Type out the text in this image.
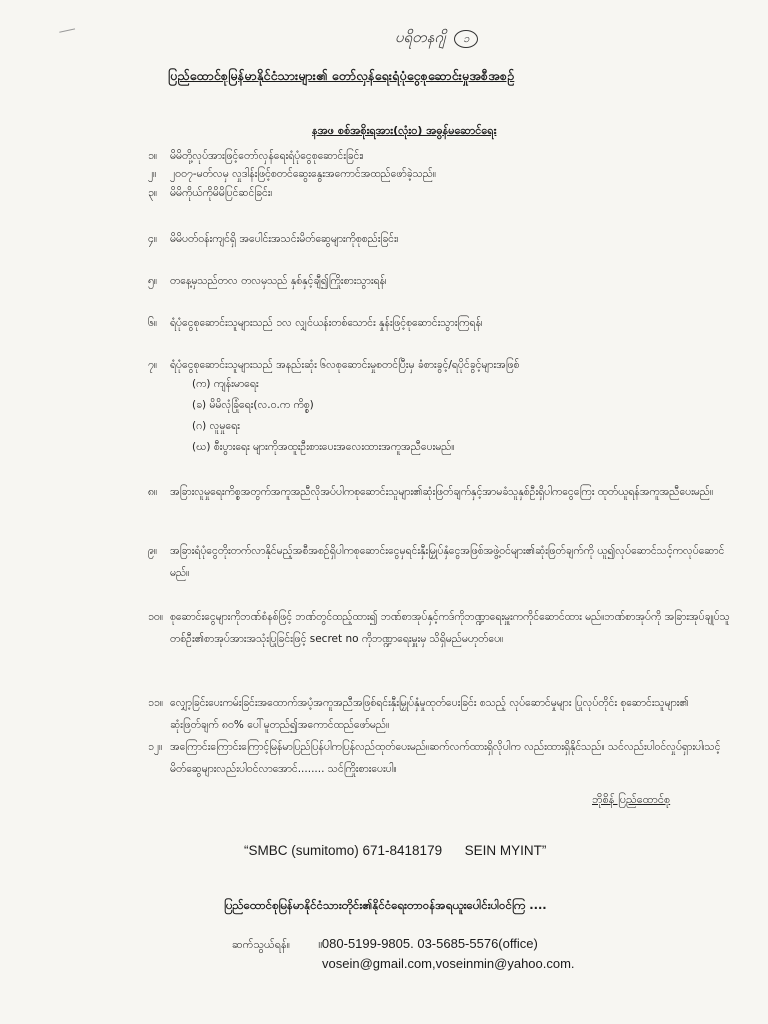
ပရိတနဂျိ ၁
ပြည်ထောင်စုမြန်မာနိုင်ငံသားများ၏ တော်လှန်ရေးရံပုံငွေစုဆောင်းမှုအစီအစဉ်
နအဖ စစ်အစိုးရအား(လုံး၀) အဓွန်မဆောင်ရေး
၁။ မိမိတို့လုပ်အားဖြင့်တော်လှန်ရေးရံပုံငွေစုဆောင်းခြင်း၊
၂။ ၂၀၀၇-မတ်လမှ လှုဒါန်းဖြင့်စတင်ဆွေးနွေးအကောင်အထည်ဖော်ခဲ့သည်။
၃။ မိမိကိုယ်ကိုမိမိပြင်ဆင်ခြင်း၊
၄။ မိမိပတ်ဝန်းကျင်ရှိ အပေါင်းအသင်းမိတ်ဆွေများကိုစုစည်းခြင်း၊
၅။ တနေ့မှသည်တလ တလမှသည် နှစ်နှင့်ချီ၍ကြိုးစားသွားရန်၊
၆။ ရံပုံငွေစုဆောင်းသူများသည် ၁လ လျှင်ယန်းတစ်သောင်း နှုန်းဖြင့်စုဆောင်းသွားကြရန်၊
၇။ ရံပုံငွေစုဆောင်းသူများသည် အနည်းဆုံး ၆လစုဆောင်းမှုစတင်ပြီးမှ ခံစားခွင့်/ရပိုင်ခွင့်များအဖြစ်
(က) ကျန်းမာရေး
(ခ) မိမိလုံခြုံရေး(လ.၀.က ကိစ္စ)
(ဂ) လူမှုရေး
(ဃ) စီးပွားရေး များကိုအထူးဦးစားပေးအလေးထားအကူအညီပေးမည်။
၈။	အခြားလူမှုရေးကိစ္စအတွက်အကူအညီလိုအပ်ပါကစုဆောင်းသူများ၏ဆုံးဖြတ်ချက်နှင့်အာမခံသူနှစ်ဦးရှိပါကငွေကြေး ထုတ်ယူရန်အကူအညီပေးမည်။
၉။	အခြားရံပုံငွေတိုးတက်လာနိုင်မည့်အစီအစဉ်ရှိပါကစုဆောင်းငွေမှရင်းနှီးမြှုပ်နှံငွေအဖြစ်အဖွဲ့ဝင်များ၏ဆုံးဖြတ်ချက်ကို ယူ၍လုပ်ဆောင်သင့်ကလုပ်ဆောင်မည်။
၁၀။ စုဆောင်းငွေများကိုဘဏ်စံနစ်ဖြင့် ဘဏ်တွင်ထည့်ထား၍ ဘဏ်စာအုပ်နှင့်ကဒ်ကိုဘဏ္ဍာရေးမှူးကကိုင်ဆောင်ထား မည်။ဘဏ်စာအုပ်ကို အခြားအုပ်ချုပ်သူတစ်ဦး၏စာအုပ်အားအသုံးပြုခြင်းဖြင့် secret no ကိုဘဏ္ဍာရေးမှူးမှ သိရှိမည်မဟုတ်ပေ။
၁၁။ လျှော့ခြင်းပေးကမ်းခြင်းအထောက်အပံ့အကူအညီအဖြစ်ရင်းနှီးမြှုပ်နှံမှုထုတ်ပေးခြင်း စသည့် လုပ်ဆောင်မှုများ ပြုလုပ်တိုင်း စုဆောင်းသူများ၏ ဆုံးဖြတ်ချက် ၈၀% ပေါ်မူတည်၍အကောင်ထည်ဖော်မည်။
၁၂။ အကြောင်းကြောင်းကြောင့်မြန်မာပြည်ပြန်ပါကပြန်လည်ထုတ်ပေးမည်။ဆက်လက်ထားရှိလိုပါက လည်းထားရှိနိုင်သည်။ သင်လည်းပါဝင်လှုပ်ရှားပါ၊သင့်မိတ်ဆွေများလည်းပါဝင်လာအောင်........ သင်ကြိုးစားပေးပါ။
ဘိုစိန် ပြည်ထောင်စု
“SMBC (sumitomo) 671-8418179      SEIN MYINT”
ပြည်ထောင်စုမြန်မာနိုင်ငံသားတိုင်း၏နိုင်ငံရေးတာဝန်အရယူးပေါင်းပါဝင်ကြ ....
ဆက်သွယ်ရန်။ ။080-5199-9805. 03-5685-5576(office)
vosein@gmail.com,voseinmin@yahoo.com.
